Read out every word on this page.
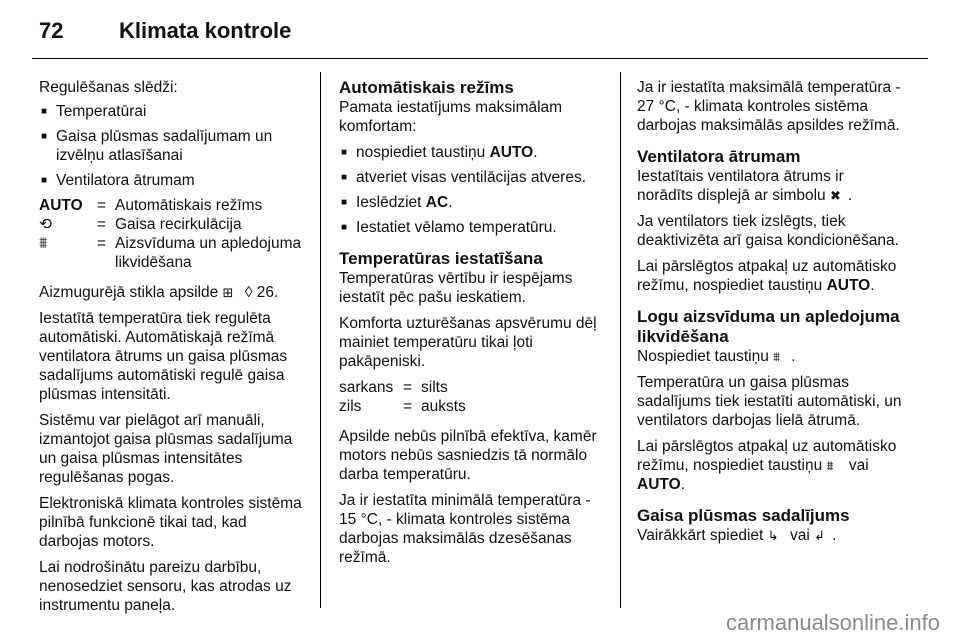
72	Klimata kontrole

Regulēšanas slēdži:

■ Temperatūrai
■ Gaisa plūsmas sadalījumam un izvēlņu atlasīšanai
■ Ventilatora ātrumam
AUTO = Automātiskais režīms
⟲	= Gaisa recirkulācija
⩩	= Aizsvīduma un apledojuma likvidēšana

Aizmugurējā stikla apsilde ⊞ ◊ 26.

Iestatītā temperatūra tiek regulēta automātiski. Automātiskajā režīmā ventilatora ātrums un gaisa plūsmas sadalījums automātiski regulē gaisa plūsmas intensitāti.

Sistēmu var pielāgot arī manuāli, izmantojot gaisa plūsmas sadalījuma un gaisa plūsmas intensitātes regulēšanas pogas.

Elektroniskā klimata kontroles sistēma pilnībā funkcionē tikai tad, kad darbojas motors.

Lai nodrošinātu pareizu darbību, nenosedziet sensoru, kas atrodas uz instrumentu paneļa.

Automātiskais režīms

Pamata iestatījums maksimālam komfortam:

■ nospiediet taustiņu AUTO.
■ atveriet visas ventilācijas atveres.
■ Ieslēdziet AC.
■ Iestatiet vēlamo temperatūru.
Temperatūras iestatīšana

Temperatūras vērtību ir iespējams iestatīt pēc pašu ieskatiem.

Komforta uzturēšanas apsvērumu dēļ mainiet temperatūru tikai ļoti pakāpeniski.

sarkans = silts
zils	= auksts

Apsilde nebūs pilnībā efektīva, kamēr motors nebūs sasniedzis tā normālo darba temperatūru.

Ja ir iestatīta minimālā temperatūra - 15 °C, - klimata kontroles sistēma darbojas maksimālās dzesēšanas režīmā.

Ja ir iestatīta maksimālā temperatūra - 27 °C, - klimata kontroles sistēma darbojas maksimālās apsildes režīmā.

Ventilatora ātrumam

Iestatītais ventilatora ātrums ir norādīts displejā ar simbolu ✖ .

Ja ventilators tiek izslēgts, tiek deaktivizēta arī gaisa kondicionēšana.

Lai pārslēgtos atpakaļ uz automātisko režīmu, nospiediet taustiņu AUTO.

Logu aizsvīduma un apledojuma likvidēšana

Nospiediet taustiņu ⩩ .

Temperatūra un gaisa plūsmas sadalījums tiek iestatīti automātiski, un ventilators darbojas lielā ātrumā.

Lai pārslēgtos atpakaļ uz automātisko režīmu, nospiediet taustiņu ⩩ vai AUTO.

Gaisa plūsmas sadalījums

Vairākkārt spiediet ↳ vai ↲ .

carmanualsonline.info
